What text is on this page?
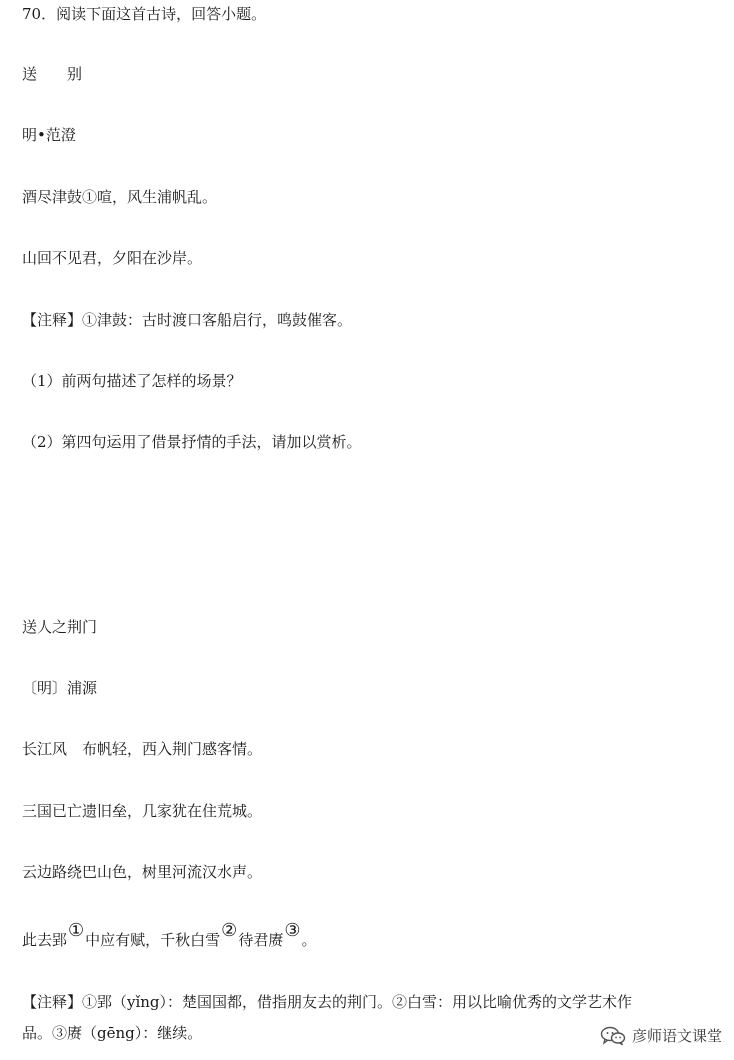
70．阅读下面这首古诗，回答小题。
送　　别
明•范澄
酒尽津鼓①喧，风生浦帆乱。
山回不见君，夕阳在沙岸。
【注释】①津鼓：古时渡口客船启行，鸣鼓催客。
（1）前两句描述了怎样的场景？
（2）第四句运用了借景抒情的手法，请加以赏析。
送人之荆门
〔明〕浦源
长江风　布帆轻，西入荆门感客情。
三国已亡遗旧垒，几家犹在住荒城。
云边路绕巴山色，树里河流汉水声。
此去郢①中应有赋，千秋白雪②待君赓③。
【注释】①郢（yǐng）：楚国国都，借指朋友去的荆门。②白雪：用以比喻优秀的文学艺术作
品。③赓（gēng）：继续。	彦师语文课堂
